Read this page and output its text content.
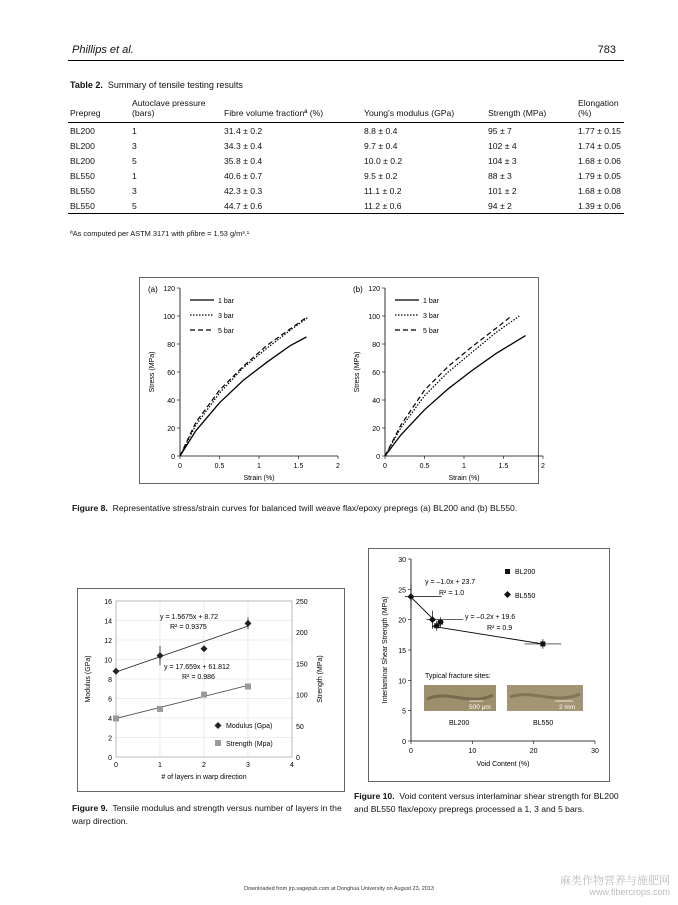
Phillips et al.	783
Table 2. Summary of tensile testing results
Prepreg	Autoclave pressure (bars)	Fibre volume fractionª (%)	Young's modulus (GPa)	Strength (MPa)	Elongation (%)
BL200	1	31.4 ± 0.2	8.8 ± 0.4	95 ± 7	1.77 ± 0.15
BL200	3	34.3 ± 0.4	9.7 ± 0.4	102 ± 4	1.74 ± 0.05
BL200	5	35.8 ± 0.4	10.0 ± 0.2	104 ± 3	1.68 ± 0.06
BL550	1	40.6 ± 0.7	9.5 ± 0.2	88 ± 3	1.79 ± 0.05
BL550	3	42.3 ± 0.3	11.1 ± 0.2	101 ± 2	1.68 ± 0.08
BL550	5	44.7 ± 0.6	11.2 ± 0.6	94 ± 2	1.39 ± 0.06
ªAs computed per ASTM 3171 with ρfibre = 1.53 g/m³.¹
(a)
0
20
40
60
80
100
120
0	0.5	1	1.5	2
Strain (%)
Stress (MPa)
1 bar
3 bar
5 bar
(b)
0
20
40
60
80
100
120
0	0.5	1	1.5	2
Strain (%)
Stress (MPa)
1 bar
3 bar
5 bar
Figure 8. Representative stress/strain curves for balanced twill weave flax/epoxy prepregs (a) BL200 and (b) BL550.
0
2
4
6
8
10
12
14
16
0	1	2	3	4
0
50
100
150
200
250
# of layers in warp direction
Modulus (GPa)	Strength (MPa)
y = 1.5675x + 8.72
R² = 0.9375
y = 17.659x + 61.812
R² = 0.986
Modulus (Gpa)
Strength (Mpa)
Figure 9. Tensile modulus and strength versus number of layers in the warp direction.
0
5
10
15
20
25
30
0	10	20	30
Void Content (%)
Interlaminar Shear Strength (MPa)
y = –1.0x + 23.7
R² = 1.0
y = –0.2x + 19.6
R² = 0.9
BL200
BL550
Typical fracture sites:
500 µm	2 mm
BL200	BL550
Figure 10. Void content versus interlaminar shear strength for BL200 and BL550 flax/epoxy prepregs processed a 1, 3 and 5 bars.
Downloaded from jrp.sagepub.com at Donghua University on August 23, 2013
麻类作物营养与施肥网
www.fibercrops.com
